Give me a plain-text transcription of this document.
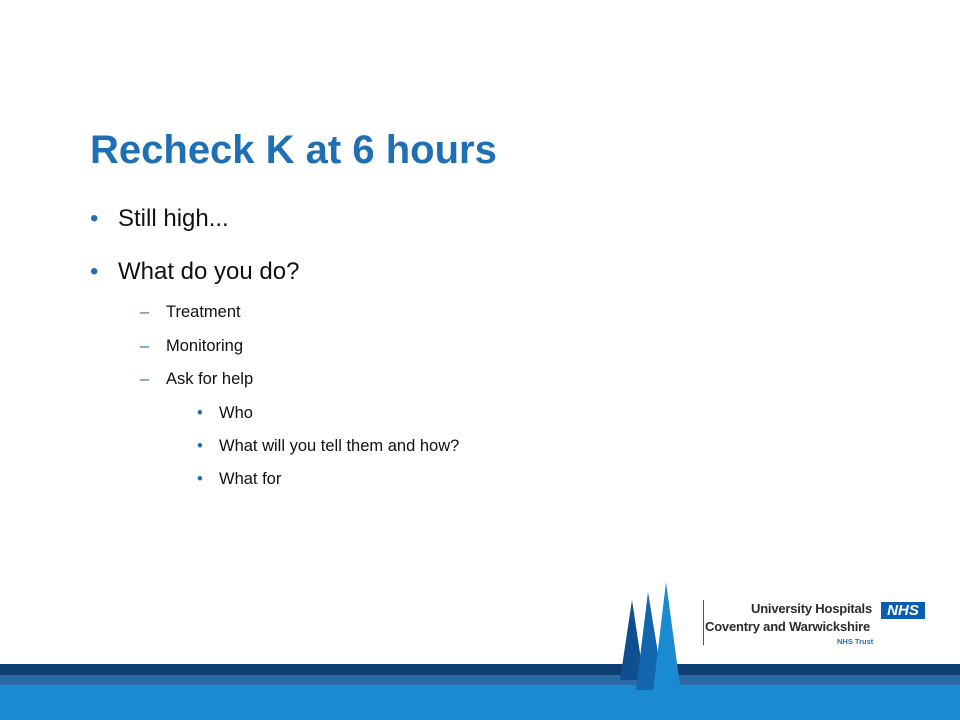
Recheck K at 6 hours
• Still high...
• What do you do?
– Treatment
– Monitoring
– Ask for help
• Who
• What will you tell them and how?
• What for
University Hospitals
Coventry and Warwickshire
NHS Trust
NHS
